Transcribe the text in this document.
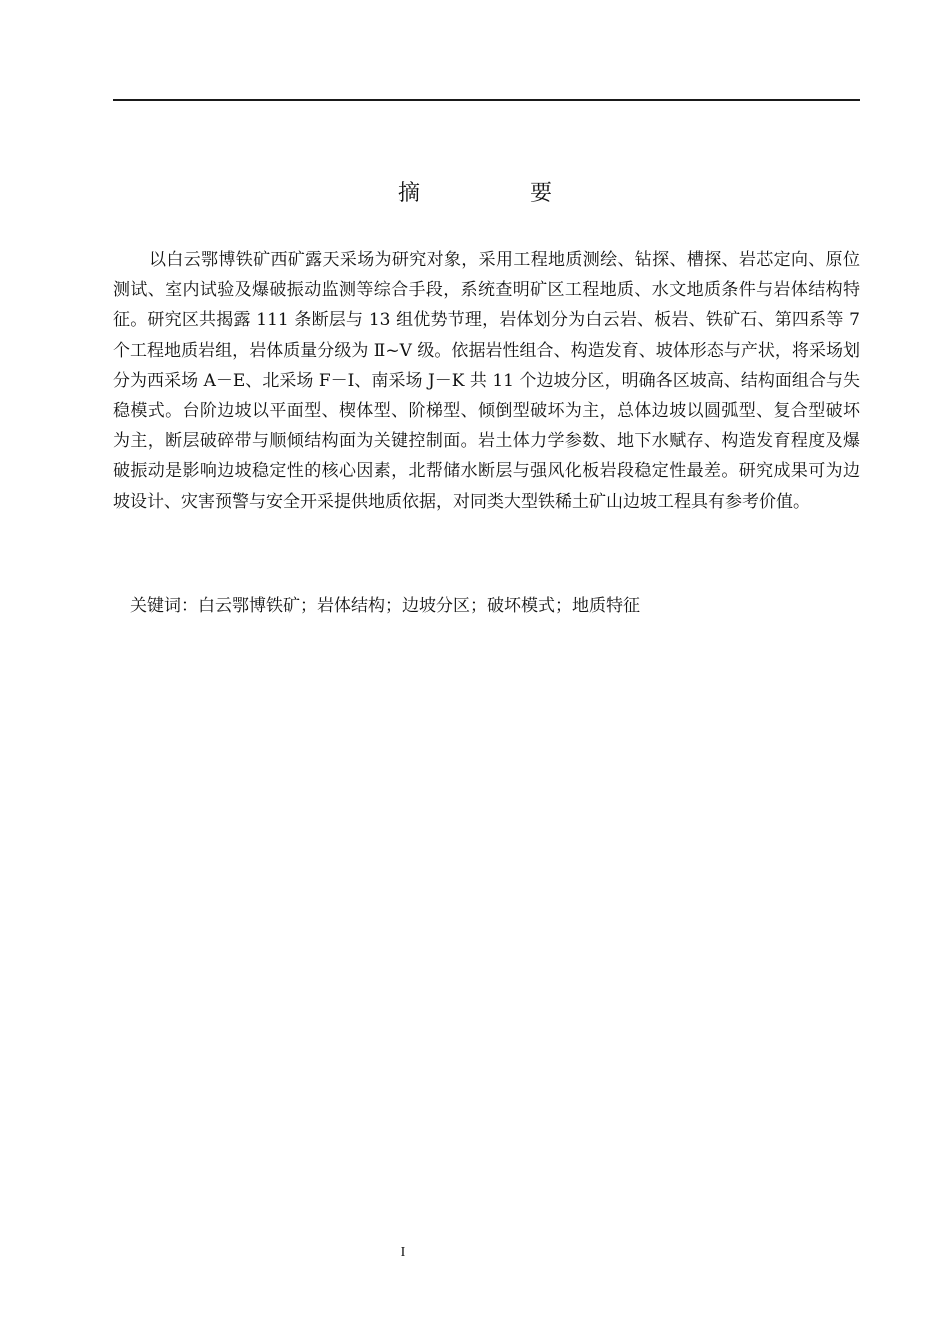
摘　要

以白云鄂博铁矿西矿露天采场为研究对象，采用工程地质测绘、钻探、槽探、岩芯定向、原位测试、室内试验及爆破振动监测等综合手段，系统查明矿区工程地质、水文地质条件与岩体结构特征。研究区共揭露 111 条断层与 13 组优势节理，岩体划分为白云岩、板岩、铁矿石、第四系等 7 个工程地质岩组，岩体质量分级为 Ⅱ~Ⅴ 级。依据岩性组合、构造发育、坡体形态与产状，将采场划分为西采场 A－E、北采场 F－I、南采场 J－K 共 11 个边坡分区，明确各区坡高、结构面组合与失稳模式。台阶边坡以平面型、楔体型、阶梯型、倾倒型破坏为主，总体边坡以圆弧型、复合型破坏为主，断层破碎带与顺倾结构面为关键控制面。岩土体力学参数、地下水赋存、构造发育程度及爆破振动是影响边坡稳定性的核心因素，北帮储水断层与强风化板岩段稳定性最差。研究成果可为边坡设计、灾害预警与安全开采提供地质依据，对同类大型铁稀土矿山边坡工程具有参考价值。

关键词：白云鄂博铁矿；岩体结构；边坡分区；破坏模式；地质特征

I
